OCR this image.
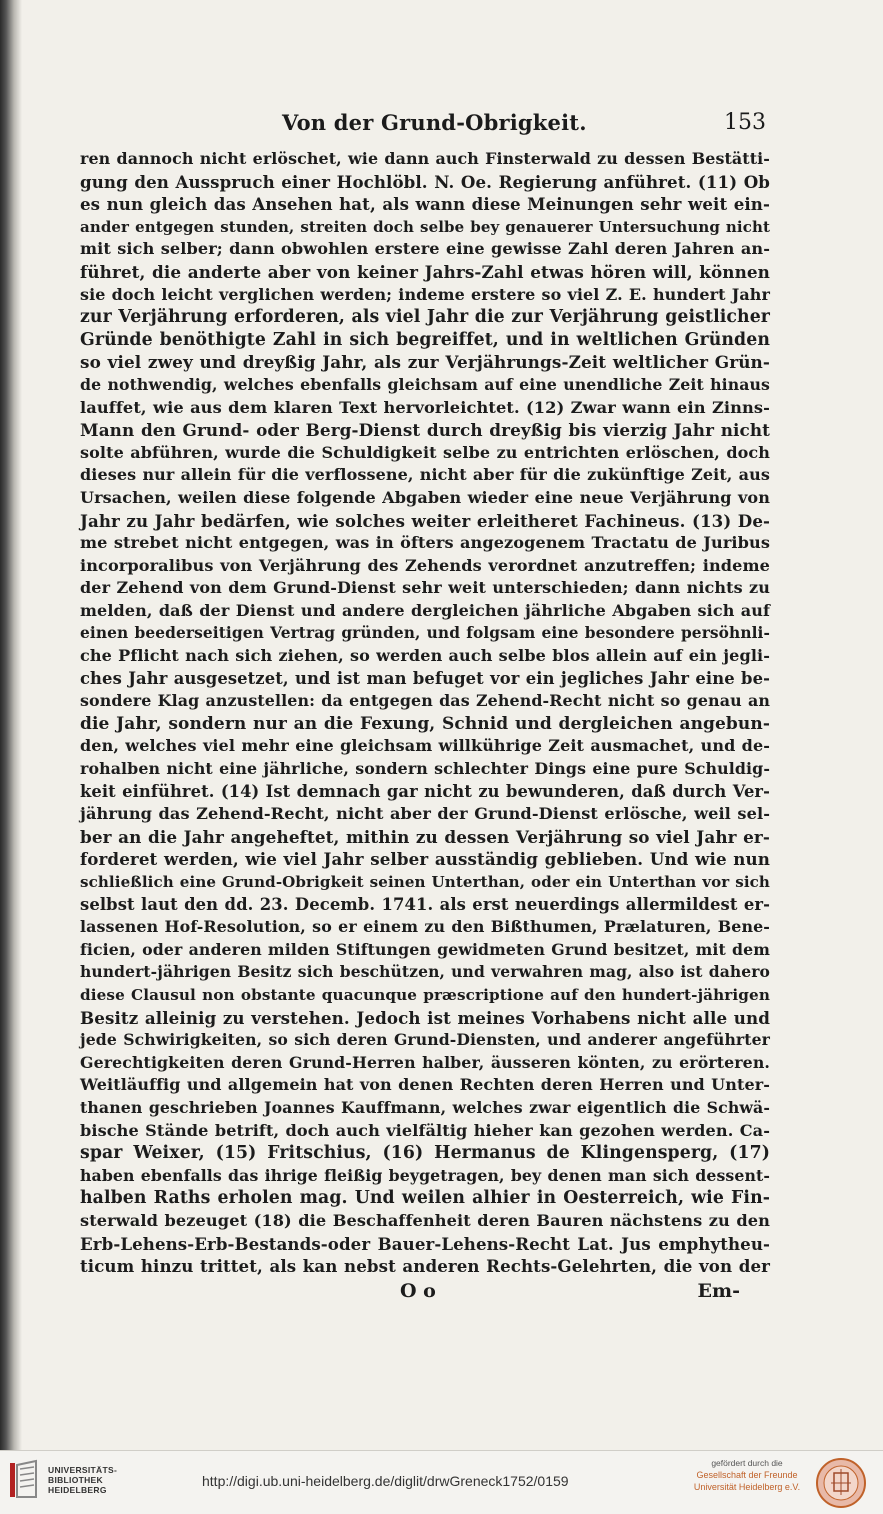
Von der Grund-Obrigkeit.	153
ren dannoch nicht erlöschet, wie dann auch Finsterwald zu dessen Bestätti-
gung den Ausspruch einer Hochlöbl. N. Oe. Regierung anführet. (11) Ob
es nun gleich das Ansehen hat, als wann diese Meinungen sehr weit ein-
ander entgegen stunden, streiten doch selbe bey genauerer Untersuchung nicht
mit sich selber; dann obwohlen erstere eine gewisse Zahl deren Jahren an-
führet, die anderte aber von keiner Jahrs-Zahl etwas hören will, können
sie doch leicht verglichen werden; indeme erstere so viel Z. E. hundert Jahr
zur Verjährung erforderen, als viel Jahr die zur Verjährung geistlicher
Gründe benöthigte Zahl in sich begreiffet, und in weltlichen Gründen
so viel zwey und dreyßig Jahr, als zur Verjährungs-Zeit weltlicher Grün-
de nothwendig, welches ebenfalls gleichsam auf eine unendliche Zeit hinaus
lauffet, wie aus dem klaren Text hervorleichtet. (12) Zwar wann ein Zinns-
Mann den Grund- oder Berg-Dienst durch dreyßig bis vierzig Jahr nicht
solte abführen, wurde die Schuldigkeit selbe zu entrichten erlöschen, doch
dieses nur allein für die verflossene, nicht aber für die zukünftige Zeit, aus
Ursachen, weilen diese folgende Abgaben wieder eine neue Verjährung von
Jahr zu Jahr bedärfen, wie solches weiter erleitheret Fachineus. (13) De-
me strebet nicht entgegen, was in öfters angezogenem Tractatu de Juribus
incorporalibus von Verjährung des Zehends verordnet anzutreffen; indeme
der Zehend von dem Grund-Dienst sehr weit unterschieden; dann nichts zu
melden, daß der Dienst und andere dergleichen jährliche Abgaben sich auf
einen beederseitigen Vertrag gründen, und folgsam eine besondere persöhnli-
che Pflicht nach sich ziehen, so werden auch selbe blos allein auf ein jegli-
ches Jahr ausgesetzet, und ist man befuget vor ein jegliches Jahr eine be-
sondere Klag anzustellen: da entgegen das Zehend-Recht nicht so genau an
die Jahr, sondern nur an die Fexung, Schnid und dergleichen angebun-
den, welches viel mehr eine gleichsam willkührige Zeit ausmachet, und de-
rohalben nicht eine jährliche, sondern schlechter Dings eine pure Schuldig-
keit einführet. (14) Ist demnach gar nicht zu bewunderen, daß durch Ver-
jährung das Zehend-Recht, nicht aber der Grund-Dienst erlösche, weil sel-
ber an die Jahr angeheftet, mithin zu dessen Verjährung so viel Jahr er-
forderet werden, wie viel Jahr selber ausständig geblieben. Und wie nun
schließlich eine Grund-Obrigkeit seinen Unterthan, oder ein Unterthan vor sich
selbst laut den dd. 23. Decemb. 1741. als erst neuerdings allermildest er-
lassenen Hof-Resolution, so er einem zu den Bißthumen, Prælaturen, Bene-
ficien, oder anderen milden Stiftungen gewidmeten Grund besitzet, mit dem
hundert-jährigen Besitz sich beschützen, und verwahren mag, also ist dahero
diese Clausul non obstante quacunque præscriptione auf den hundert-jährigen
Besitz alleinig zu verstehen. Jedoch ist meines Vorhabens nicht alle und
jede Schwirigkeiten, so sich deren Grund-Diensten, und anderer angeführter
Gerechtigkeiten deren Grund-Herren halber, äusseren könten, zu erörteren.
Weitläuffig und allgemein hat von denen Rechten deren Herren und Unter-
thanen geschrieben Joannes Kauffmann, welches zwar eigentlich die Schwä-
bische Stände betrift, doch auch vielfältig hieher kan gezohen werden. Ca-
spar Weixer, (15) Fritschius, (16) Hermanus de Klingensperg, (17)
haben ebenfalls das ihrige fleißig beygetragen, bey denen man sich dessent-
halben Raths erholen mag. Und weilen alhier in Oesterreich, wie Fin-
sterwald bezeuget (18) die Beschaffenheit deren Bauren nächstens zu den
Erb-Lehens-Erb-Bestands-oder Bauer-Lehens-Recht Lat. Jus emphytheu-
ticum hinzu trittet, als kan nebst anderen Rechts-Gelehrten, die von der
O o	Em-
UNIVERSITÄTS-
BIBLIOTHEK
HEIDELBERG
http://digi.ub.uni-heidelberg.de/diglit/drwGreneck1752/0159
gefördert durch die
Gesellschaft der Freunde
Universität Heidelberg e.V.
